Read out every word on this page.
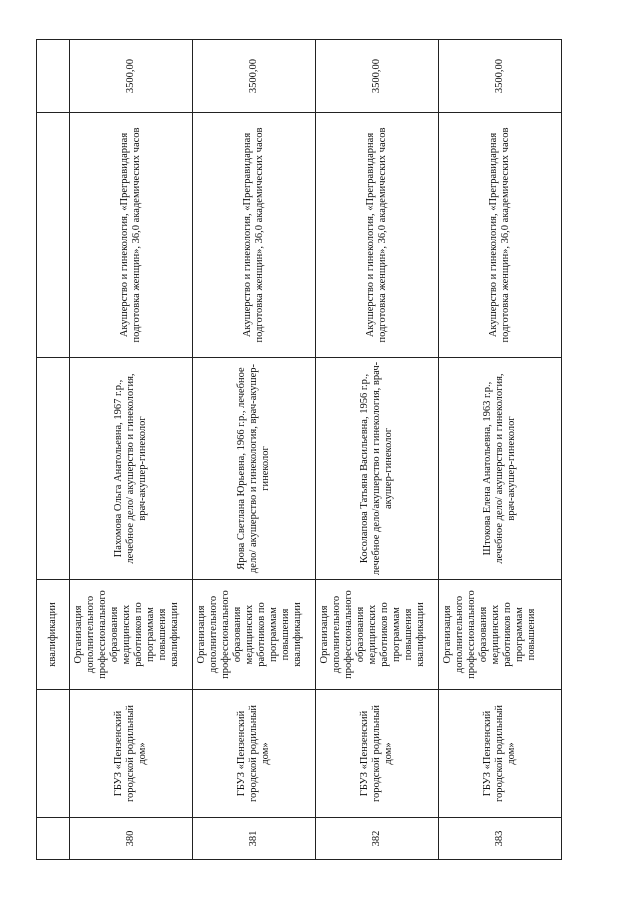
		квалификации			
380	ГБУЗ «Пензенский городской родильный дом»	Организация дополнительного профессионального образования медицинских работников по программам повышения квалификации	Пахомова Ольга Анатольевна, 1967 г.р., лечебное дело/ акушерство и гинекология, врач-акушер-гинеколог	Акушерство и гинекология, «Прегравидарная подготовка женщин», 36,0 академических часов	3500,00
381	ГБУЗ «Пензенский городской родильный дом»	Организация дополнительного профессионального образования медицинских работников по программам повышения квалификации	Ярова Светлана Юрьевна, 1966 г.р., лечебное дело/ акушерство и гинекология, врач-акушер-гинеколог	Акушерство и гинекология, «Прегравидарная подготовка женщин», 36,0 академических часов	3500,00
382	ГБУЗ «Пензенский городской родильный дом»	Организация дополнительного профессионального образования медицинских работников по программам повышения квалификации	Косолапова Татьяна Васильевна, 1956 г.р., лечебное дело/акушерство и гинекология, врач-акушер-гинеколог	Акушерство и гинекология, «Прегравидарная подготовка женщин», 36,0 академических часов	3500,00
383	ГБУЗ «Пензенский городской родильный дом»	Организация дополнительного профессионального образования медицинских работников по программам повышения	Штокова Елена Анатольевна, 1963 г.р., лечебное дело/ акушерство и гинекология, врач-акушер-гинеколог	Акушерство и гинекология, «Прегравидарная подготовка женщин», 36,0 академических часов	3500,00
